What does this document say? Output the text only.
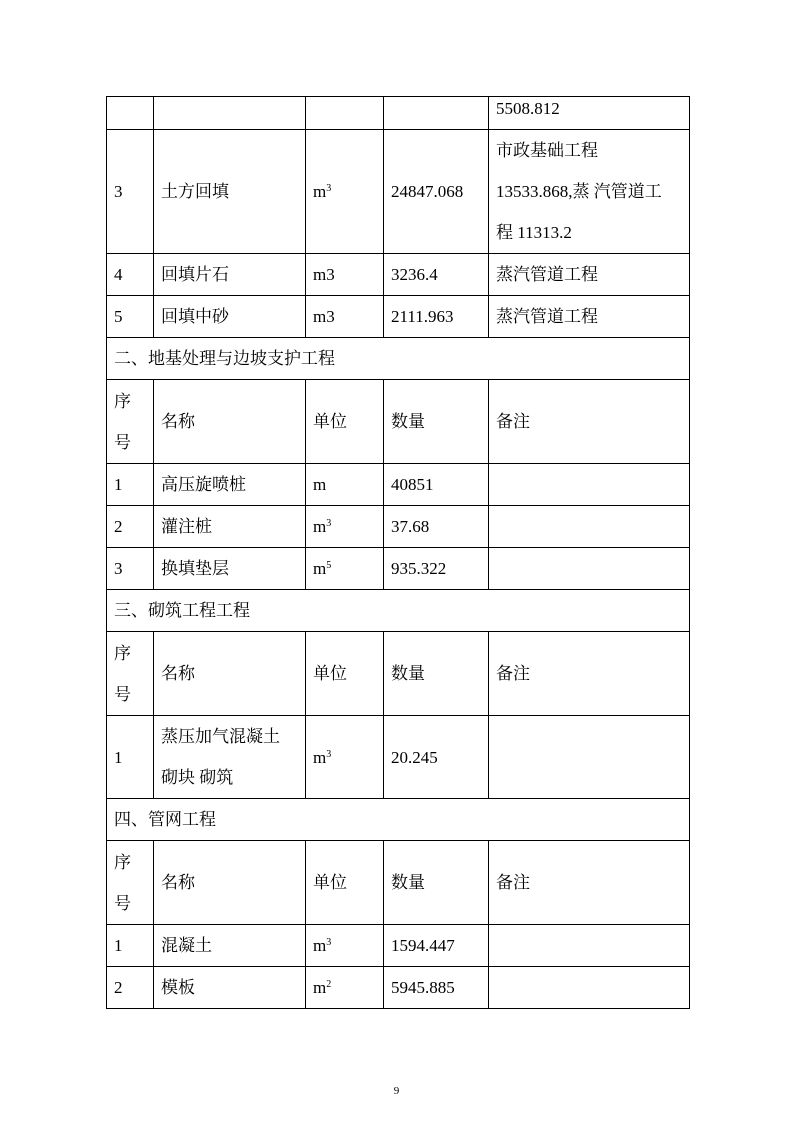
				5508.812
3	土方回填	$m^3$	24847.068	市政基础工程
13533.868,蒸 汽管道工
程 11313.2

4	回填片石	m3	3236.4	蒸汽管道工程
5	回填中砂	m3	2111.963	蒸汽管道工程
二、地基处理与边坡支护工程				

序
号	名称	单位	数量	备注
1	高压旋喷桩	m	40851	
2	灌注桩	$m^3$	37.68	
3	换填垫层	$m^5$	935.322	
三、砌筑工程工程				

序
号	名称	单位	数量	备注
1	蒸压加气混凝土
砌块 砌筑	$m^3$	20.245	
四、管网工程				

序
号	名称	单位	数量	备注
1	混凝土	$m^3$	1594.447	
2	模板	$m^2$	5945.885	
9
